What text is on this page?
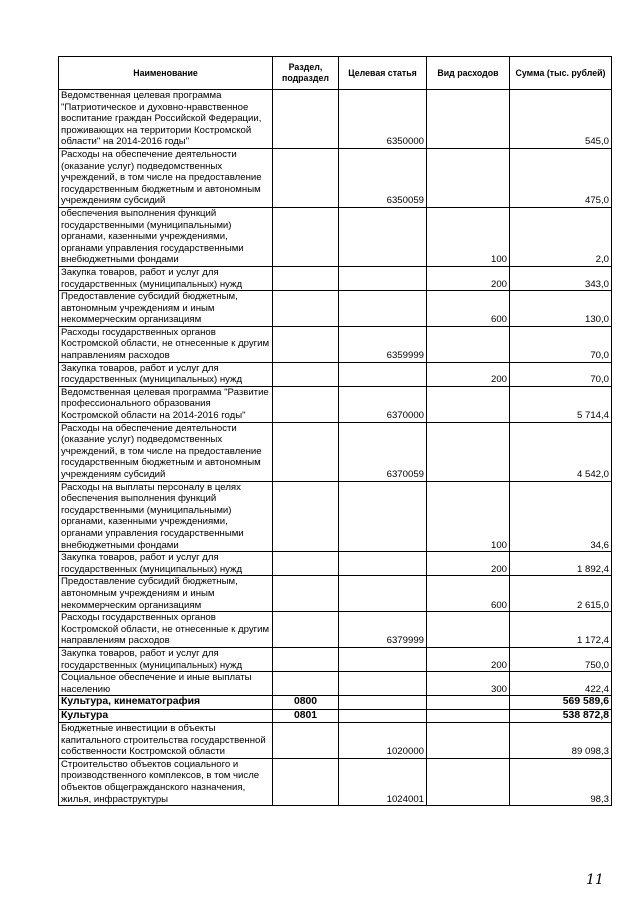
Наименование	Раздел, подраздел	Целевая статья	Вид расходов	Сумма (тыс. рублей)
Ведомственная целевая программа "Патриотическое и духовно-нравственное воспитание граждан Российской Федерации, проживающих на территории Костромской области" на 2014-2016 годы"		6350000		545,0
Расходы на обеспечение деятельности (оказание услуг) подведомственных учреждений, в том числе на предоставление государственным бюджетным и автономным учреждениям субсидий		6350059		475,0
обеспечения выполнения функций государственными (муниципальными) органами, казенными учреждениями, органами управления государственными внебюджетными фондами			100	2,0
Закупка товаров, работ и услуг для государственных (муниципальных) нужд			200	343,0
Предоставление субсидий бюджетным, автономным учреждениям и иным некоммерческим организациям			600	130,0
Расходы государственных органов Костромской области, не отнесенные к другим направлениям расходов		6359999		70,0
Закупка товаров, работ и услуг для государственных (муниципальных) нужд			200	70,0
Ведомственная целевая программа "Развитие профессионального образования Костромской области на 2014-2016 годы"		6370000		5 714,4
Расходы на обеспечение деятельности (оказание услуг) подведомственных учреждений, в том числе на предоставление государственным бюджетным и автономным учреждениям субсидий		6370059		4 542,0
Расходы на выплаты персоналу в целях обеспечения выполнения функций государственными (муниципальными) органами, казенными учреждениями, органами управления государственными внебюджетными фондами			100	34,6
Закупка товаров, работ и услуг для государственных (муниципальных) нужд			200	1 892,4
Предоставление субсидий бюджетным, автономным учреждениям и иным некоммерческим организациям			600	2 615,0
Расходы государственных органов Костромской области, не отнесенные к другим направлениям расходов		6379999		1 172,4
Закупка товаров, работ и услуг для государственных (муниципальных) нужд			200	750,0
Социальное обеспечение и иные выплаты населению			300	422,4
Культура, кинематография	0800			569 589,6
Культура	0801			538 872,8
Бюджетные инвестиции в объекты капитального строительства государственной собственности Костромской области		1020000		89 098,3
Строительство объектов социального и производственного комплексов, в том числе объектов общегражданского назначения, жилья, инфраструктуры		1024001		98,3
11
